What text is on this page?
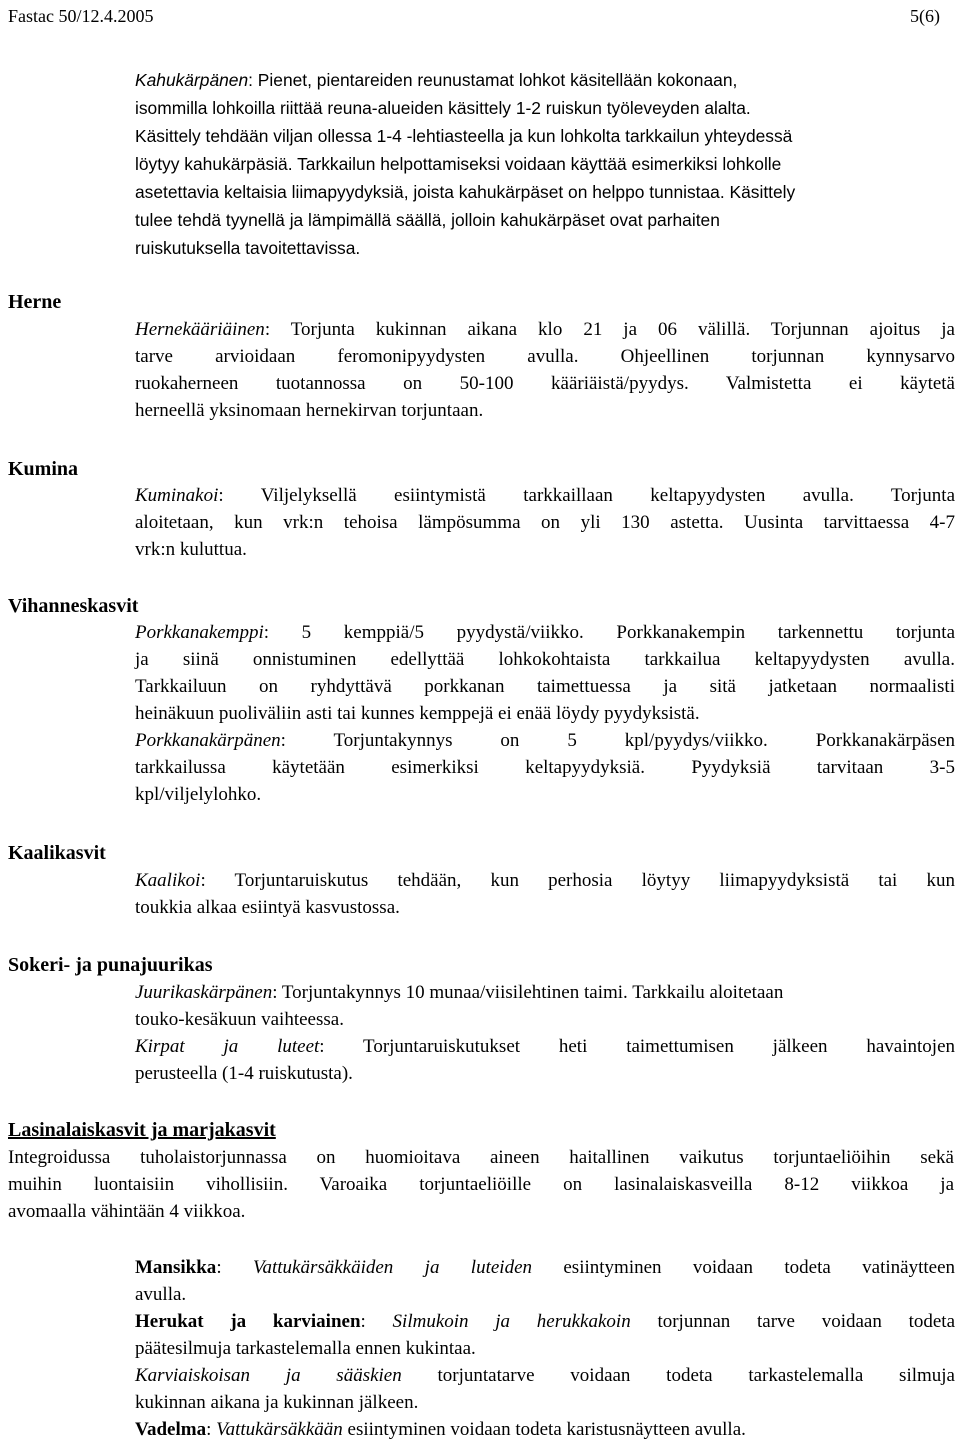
Fastac 50/12.4.2005	5(6)
Kahukärpänen: Pienet, pientareiden reunustamat lohkot käsitellään kokonaan,
isommilla lohkoilla riittää reuna-alueiden käsittely 1-2 ruiskun työleveyden alalta.
Käsittely tehdään viljan ollessa 1-4 -lehtiasteella ja kun lohkolta tarkkailun yhteydessä
löytyy kahukärpäsiä. Tarkkailun helpottamiseksi voidaan käyttää esimerkiksi lohkolle
asetettavia keltaisia liimapyydyksiä, joista kahukärpäset on helppo tunnistaa. Käsittely
tulee tehdä tyynellä ja lämpimällä säällä, jolloin kahukärpäset ovat parhaiten
ruiskutuksella tavoitettavissa.
Herne
Hernekääriäinen: Torjunta kukinnan aikana klo 21 ja 06 välillä. Torjunnan ajoitus ja
tarve arvioidaan feromonipyydysten avulla. Ohjeellinen torjunnan kynnysarvo
ruokaherneen tuotannossa on 50-100 kääriäistä/pyydys. Valmistetta ei käytetä
herneellä yksinomaan hernekirvan torjuntaan.
Kumina
Kuminakoi: Viljelyksellä esiintymistä tarkkaillaan keltapyydysten avulla. Torjunta
aloitetaan, kun vrk:n tehoisa lämpösumma on yli 130 astetta. Uusinta tarvittaessa 4-7
vrk:n kuluttua.
Vihanneskasvit
Porkkanakemppi: 5 kemppiä/5 pyydystä/viikko. Porkkanakempin tarkennettu torjunta
ja siinä onnistuminen edellyttää lohkokohtaista tarkkailua keltapyydysten avulla.
Tarkkailuun on ryhdyttävä porkkanan taimettuessa ja sitä jatketaan normaalisti
heinäkuun puoliväliin asti tai kunnes kemppejä ei enää löydy pyydyksistä.
Porkkanakärpänen: Torjuntakynnys on 5 kpl/pyydys/viikko. Porkkanakärpäsen
tarkkailussa käytetään esimerkiksi keltapyydyksiä. Pyydyksiä tarvitaan 3-5
kpl/viljelylohko.
Kaalikasvit
Kaalikoi: Torjuntaruiskutus tehdään, kun perhosia löytyy liimapyydyksistä tai kun
toukkia alkaa esiintyä kasvustossa.
Sokeri- ja punajuurikas
Juurikaskärpänen: Torjuntakynnys 10 munaa/viisilehtinen taimi. Tarkkailu aloitetaan
touko-kesäkuun vaihteessa.
Kirpat ja luteet: Torjuntaruiskutukset heti taimettumisen jälkeen havaintojen
perusteella (1-4 ruiskutusta).
Lasinalaiskasvit ja marjakasvit
Integroidussa tuholaistorjunnassa on huomioitava aineen haitallinen vaikutus torjuntaeliöihin sekä
muihin luontaisiin vihollisiin. Varoaika torjuntaeliöille on lasinalaiskasveilla 8-12 viikkoa ja
avomaalla vähintään 4 viikkoa.
Mansikka: Vattukärsäkkäiden ja luteiden esiintyminen voidaan todeta vatinäytteen
avulla.
Herukat ja karviainen: Silmukoin ja herukkakoin torjunnan tarve voidaan todeta
päätesilmuja tarkastelemalla ennen kukintaa.
Karviaiskoisan ja sääskien torjuntatarve voidaan todeta tarkastelemalla silmuja
kukinnan aikana ja kukinnan jälkeen.
Vadelma: Vattukärsäkkään esiintyminen voidaan todeta karistusnäytteen avulla.
